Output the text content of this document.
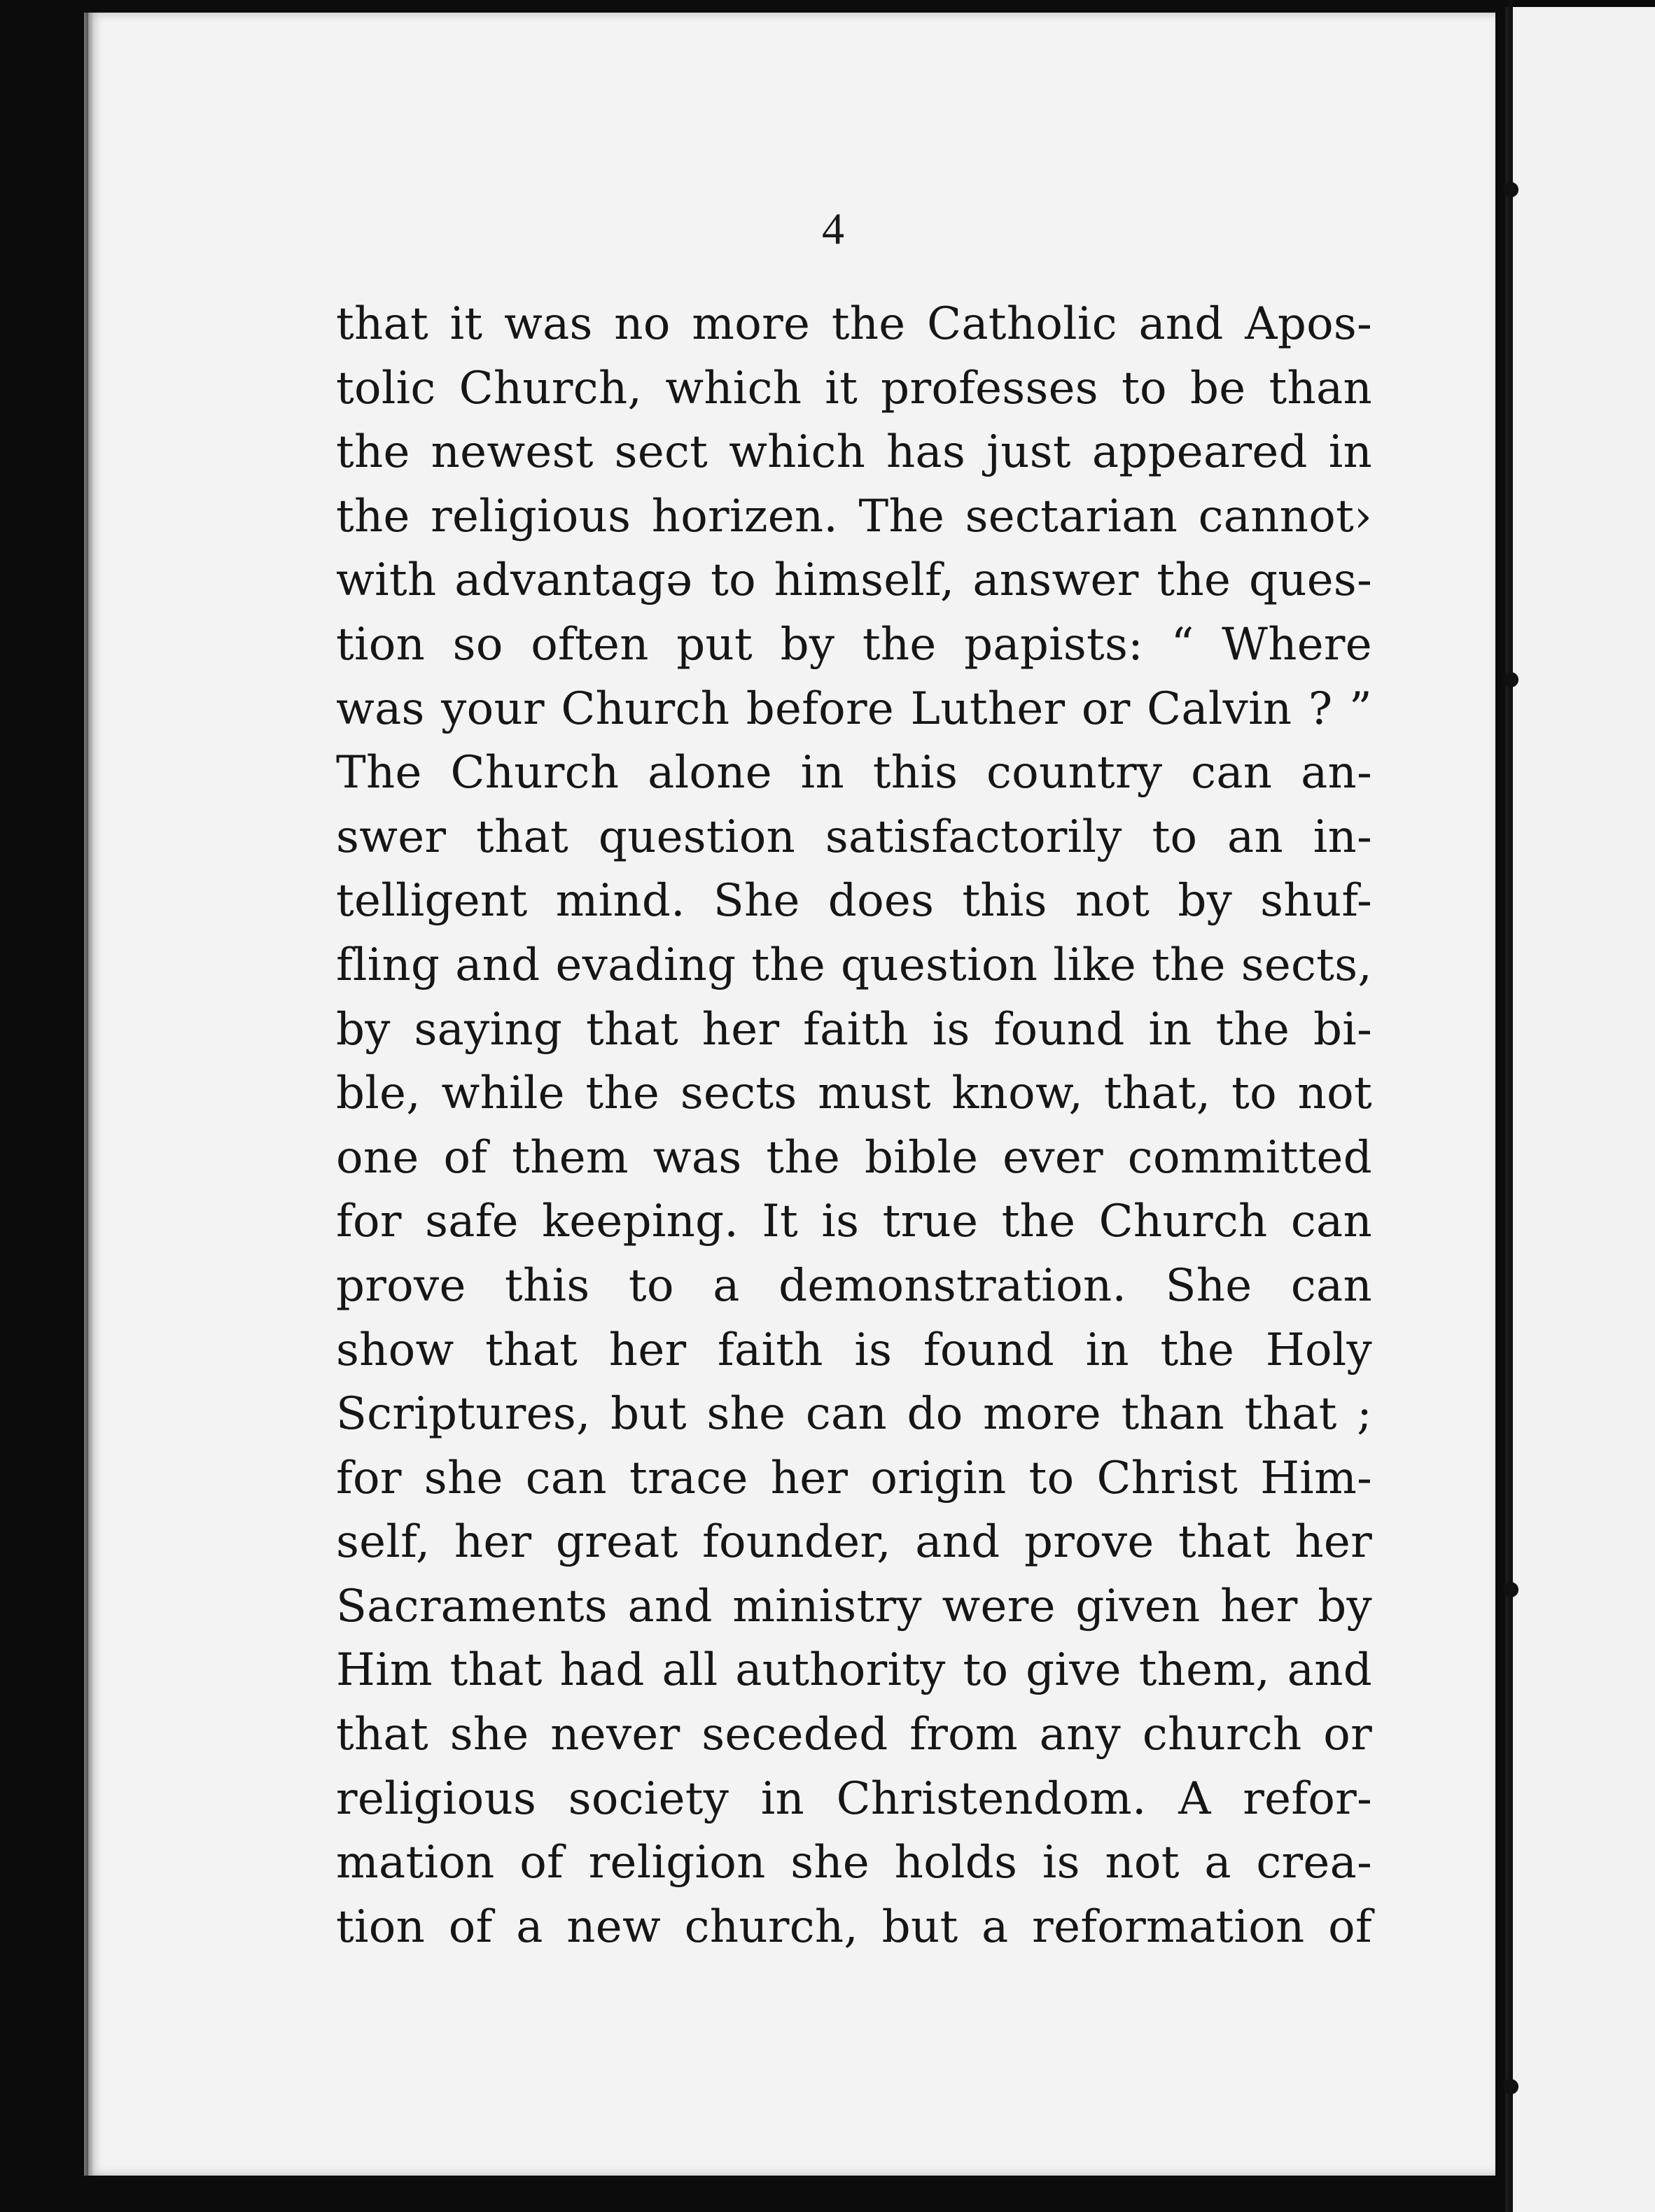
4
that it was no more the Catholic and Apos-
tolic Church, which it professes to be than
the newest sect which has just appeared in
the religious horizen. The sectarian cannot›
with advantagə to himself, answer the ques-
tion so often put by the papists: “ Where
was your Church before Luther or Calvin ? ”
The Church alone in this country can an-
swer that question satisfactorily to an in-
telligent mind. She does this not by shuf-
fling and evading the question like the sects,
by saying that her faith is found in the bi-
ble, while the sects must know, that, to not
one of them was the bible ever committed
for safe keeping. It is true the Church can
prove this to a demonstration. She can
show that her faith is found in the Holy
Scriptures, but she can do more than that ;
for she can trace her origin to Christ Him-
self, her great founder, and prove that her
Sacraments and ministry were given her by
Him that had all authority to give them, and
that she never seceded from any church or
religious society in Christendom. A refor-
mation of religion she holds is not a crea-
tion of a new church, but a reformation of
